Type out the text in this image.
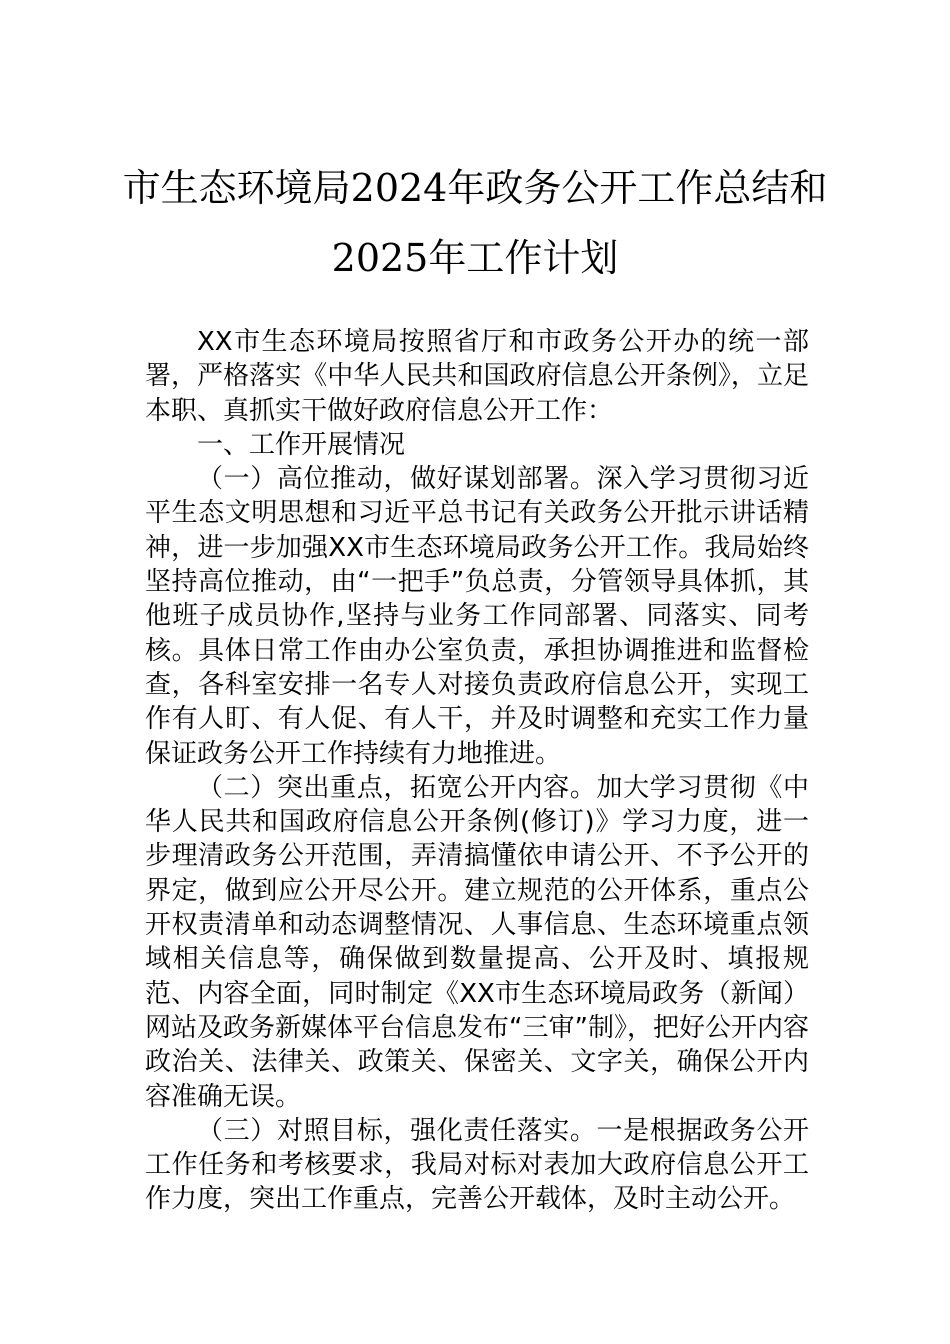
市生态环境局2024年政务公开工作总结和
2025年工作计划

XX市生态环境局按照省厅和市政务公开办的统一部署，严格落实《中华人民共和国政府信息公开条例》，立足本职、真抓实干做好政府信息公开工作：

一、工作开展情况

（一）高位推动，做好谋划部署。深入学习贯彻习近平生态文明思想和习近平总书记有关政务公开批示讲话精神，进一步加强XX市生态环境局政务公开工作。我局始终坚持高位推动，由“一把手”负总责，分管领导具体抓，其他班子成员协作,坚持与业务工作同部署、同落实、同考核。具体日常工作由办公室负责，承担协调推进和监督检查，各科室安排一名专人对接负责政府信息公开，实现工作有人盯、有人促、有人干，并及时调整和充实工作力量保证政务公开工作持续有力地推进。

（二）突出重点，拓宽公开内容。加大学习贯彻《中华人民共和国政府信息公开条例(修订)》学习力度，进一步理清政务公开范围，弄清搞懂依申请公开、不予公开的界定，做到应公开尽公开。建立规范的公开体系，重点公开权责清单和动态调整情况、人事信息、生态环境重点领域相关信息等，确保做到数量提高、公开及时、填报规范、内容全面，同时制定《XX市生态环境局政务（新闻）网站及政务新媒体平台信息发布“三审”制》，把好公开内容政治关、法律关、政策关、保密关、文字关，确保公开内容准确无误。

（三）对照目标，强化责任落实。一是根据政务公开工作任务和考核要求，我局对标对表加大政府信息公开工作力度，突出工作重点，完善公开载体，及时主动公开。
